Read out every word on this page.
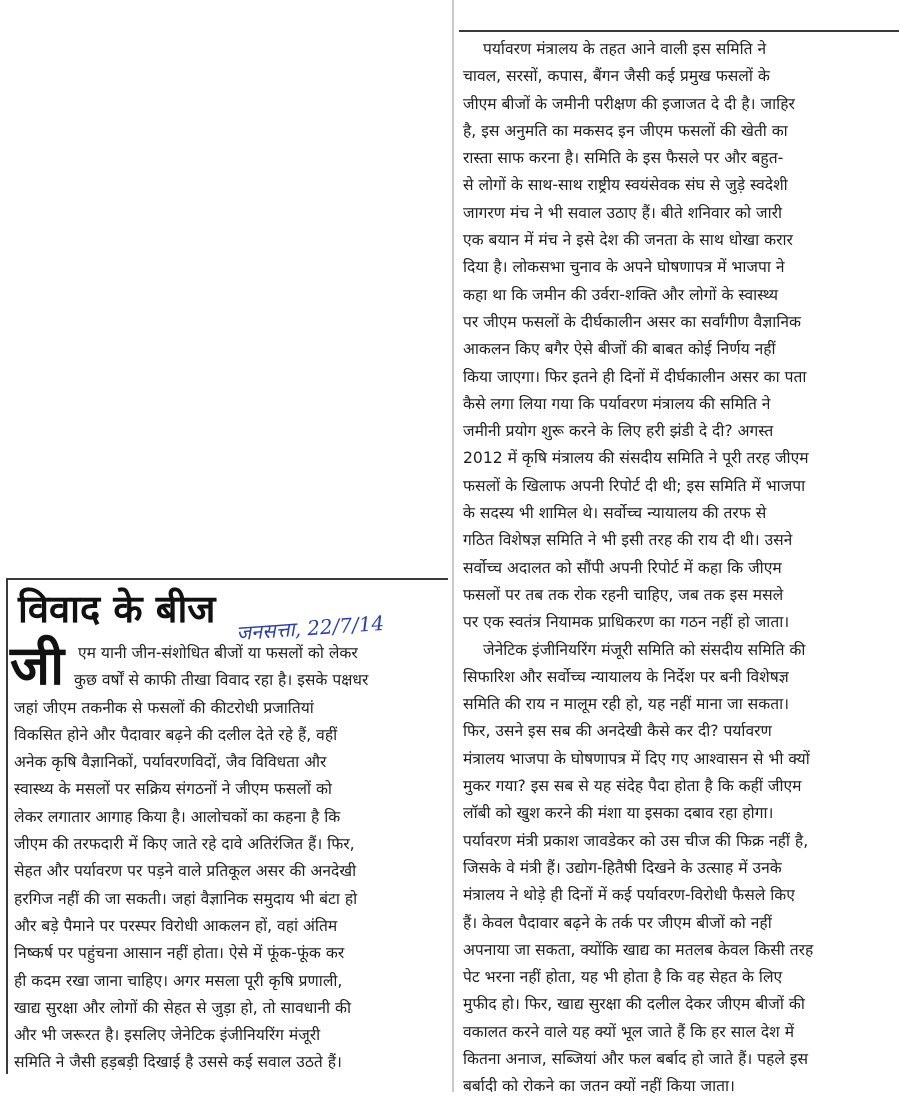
पर्यावरण मंत्रालय के तहत आने वाली इस समिति ने
चावल, सरसों, कपास, बैंगन जैसी कई प्रमुख फसलों के
जीएम बीजों के जमीनी परीक्षण की इजाजत दे दी है। जाहिर
है, इस अनुमति का मकसद इन जीएम फसलों की खेती का
रास्ता साफ करना है। समिति के इस फैसले पर और बहुत-
से लोगों के साथ-साथ राष्ट्रीय स्वयंसेवक संघ से जुड़े स्वदेशी
जागरण मंच ने भी सवाल उठाए हैं। बीते शनिवार को जारी
एक बयान में मंच ने इसे देश की जनता के साथ धोखा करार
दिया है। लोकसभा चुनाव के अपने घोषणापत्र में भाजपा ने
कहा था कि जमीन की उर्वरा-शक्ति और लोगों के स्वास्थ्य
पर जीएम फसलों के दीर्घकालीन असर का सर्वांगीण वैज्ञानिक
आकलन किए बगैर ऐसे बीजों की बाबत कोई निर्णय नहीं
किया जाएगा। फिर इतने ही दिनों में दीर्घकालीन असर का पता
कैसे लगा लिया गया कि पर्यावरण मंत्रालय की समिति ने
जमीनी प्रयोग शुरू करने के लिए हरी झंडी दे दी? अगस्त
2012 में कृषि मंत्रालय की संसदीय समिति ने पूरी तरह जीएम
फसलों के खिलाफ अपनी रिपोर्ट दी थी; इस समिति में भाजपा
के सदस्य भी शामिल थे। सर्वोच्च न्यायालय की तरफ से
गठित विशेषज्ञ समिति ने भी इसी तरह की राय दी थी। उसने
सर्वोच्च अदालत को सौंपी अपनी रिपोर्ट में कहा कि जीएम
फसलों पर तब तक रोक रहनी चाहिए, जब तक इस मसले
पर एक स्वतंत्र नियामक प्राधिकरण का गठन नहीं हो जाता।
जेनेटिक इंजीनियरिंग मंजूरी समिति को संसदीय समिति की
सिफारिश और सर्वोच्च न्यायालय के निर्देश पर बनी विशेषज्ञ
समिति की राय न मालूम रही हो, यह नहीं माना जा सकता।
फिर, उसने इस सब की अनदेखी कैसे कर दी? पर्यावरण
मंत्रालय भाजपा के घोषणापत्र में दिए गए आश्वासन से भी क्यों
मुकर गया? इस सब से यह संदेह पैदा होता है कि कहीं जीएम
लॉबी को खुश करने की मंशा या इसका दबाव रहा होगा।
पर्यावरण मंत्री प्रकाश जावडेकर को उस चीज की फिक्र नहीं है,
जिसके वे मंत्री हैं। उद्योग-हितैषी दिखने के उत्साह में उनके
मंत्रालय ने थोड़े ही दिनों में कई पर्यावरण-विरोधी फैसले किए
हैं। केवल पैदावार बढ़ने के तर्क पर जीएम बीजों को नहीं
अपनाया जा सकता, क्योंकि खाद्य का मतलब केवल किसी तरह
पेट भरना नहीं होता, यह भी होता है कि वह सेहत के लिए
मुफीद हो। फिर, खाद्य सुरक्षा की दलील देकर जीएम बीजों की
वकालत करने वाले यह क्यों भूल जाते हैं कि हर साल देश में
कितना अनाज, सब्जियां और फल बर्बाद हो जाते हैं। पहले इस
बर्बादी को रोकने का जतन क्यों नहीं किया जाता।
विवाद के बीज जनसत्ता, 22/7/14
जी एम यानी जीन-संशोधित बीजों या फसलों को लेकर
कुछ वर्षों से काफी तीखा विवाद रहा है। इसके पक्षधर
जहां जीएम तकनीक से फसलों की कीटरोधी प्रजातियां
विकसित होने और पैदावार बढ़ने की दलील देते रहे हैं, वहीं
अनेक कृषि वैज्ञानिकों, पर्यावरणविदों, जैव विविधता और
स्वास्थ्य के मसलों पर सक्रिय संगठनों ने जीएम फसलों को
लेकर लगातार आगाह किया है। आलोचकों का कहना है कि
जीएम की तरफदारी में किए जाते रहे दावे अतिरंजित हैं। फिर,
सेहत और पर्यावरण पर पड़ने वाले प्रतिकूल असर की अनदेखी
हरगिज नहीं की जा सकती। जहां वैज्ञानिक समुदाय भी बंटा हो
और बड़े पैमाने पर परस्पर विरोधी आकलन हों, वहां अंतिम
निष्कर्ष पर पहुंचना आसान नहीं होता। ऐसे में फूंक-फूंक कर
ही कदम रखा जाना चाहिए। अगर मसला पूरी कृषि प्रणाली,
खाद्य सुरक्षा और लोगों की सेहत से जुड़ा हो, तो सावधानी की
और भी जरूरत है। इसलिए जेनेटिक इंजीनियरिंग मंजूरी
समिति ने जैसी हड़बड़ी दिखाई है उससे कई सवाल उठते हैं।
